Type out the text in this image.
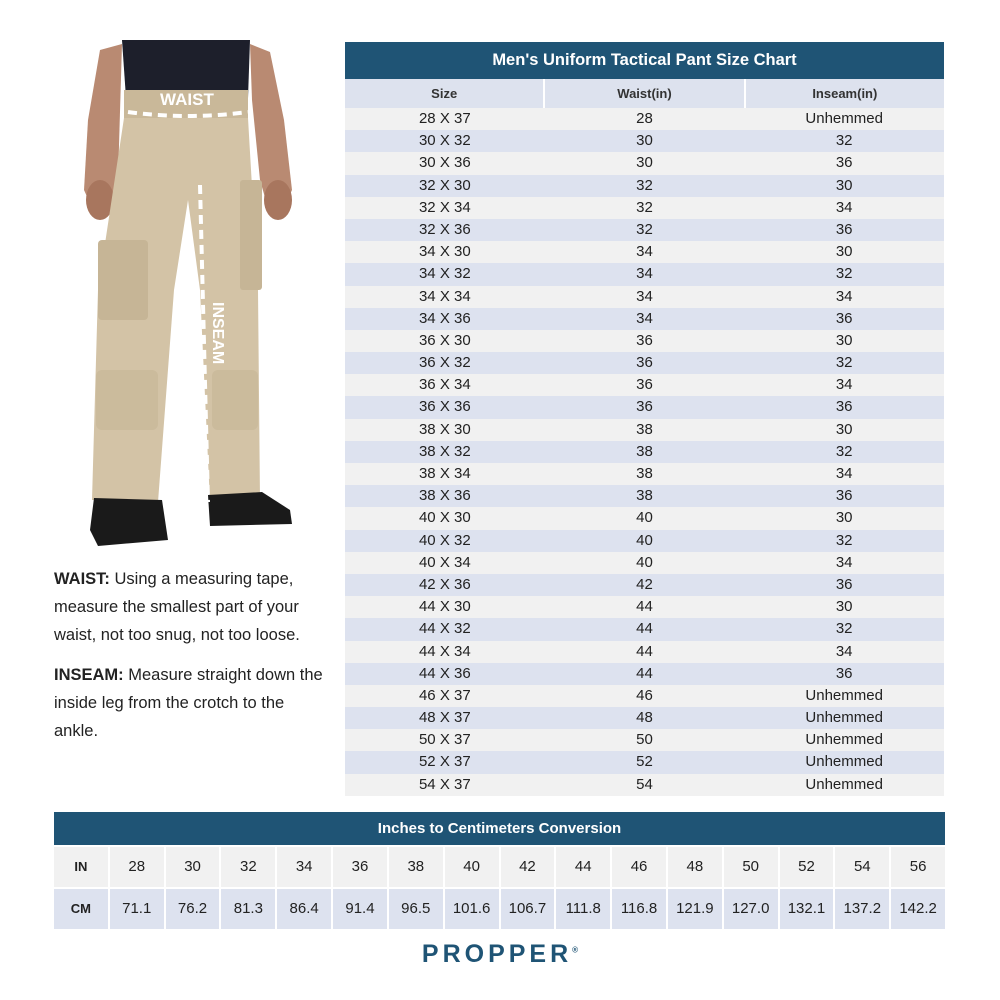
WAIST
INSEAM

WAIST: Using a measuring tape, measure the smallest part of your waist, not too snug, not too loose.

INSEAM: Measure straight down the inside leg from the crotch to the ankle.

Men's Uniform Tactical Pant Size Chart
Size	Waist(in)	Inseam(in)
28 X 37	28	Unhemmed
30 X 32	30	32
30 X 36	30	36
32 X 30	32	30
32 X 34	32	34
32 X 36	32	36
34 X 30	34	30
34 X 32	34	32
34 X 34	34	34
34 X 36	34	36
36 X 30	36	30
36 X 32	36	32
36 X 34	36	34
36 X 36	36	36
38 X 30	38	30
38 X 32	38	32
38 X 34	38	34
38 X 36	38	36
40 X 30	40	30
40 X 32	40	32
40 X 34	40	34
42 X 36	42	36
44 X 30	44	30
44 X 32	44	32
44 X 34	44	34
44 X 36	44	36
46 X 37	46	Unhemmed
48 X 37	48	Unhemmed
50 X 37	50	Unhemmed
52 X 37	52	Unhemmed
54 X 37	54	Unhemmed
Inches to Centimeters Conversion
IN	28	30	32	34	36	38	40	42	44	46	48	50	52	54	56
CM	71.1	76.2	81.3	86.4	91.4	96.5	101.6	106.7	111.8	116.8	121.9	127.0	132.1	137.2	142.2
PROPPER®
